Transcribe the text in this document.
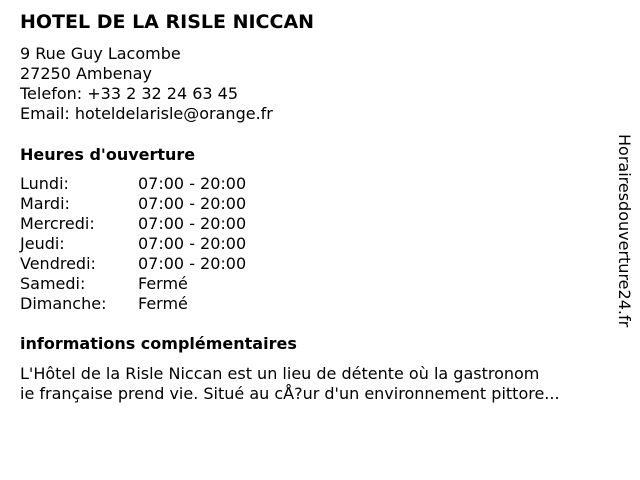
HOTEL DE LA RISLE NICCAN
9 Rue Guy Lacombe
27250 Ambenay
Telefon: +33 2 32 24 63 45
Email: hoteldelarisle@orange.fr
Heures d'ouverture
Lundi:	07:00 - 20:00
Mardi:	07:00 - 20:00
Mercredi:	07:00 - 20:00
Jeudi:	07:00 - 20:00
Vendredi:	07:00 - 20:00
Samedi:	Fermé
Dimanche: Fermé
informations complémentaires
L'Hôtel de la Risle Niccan est un lieu de détente où la gastronom
ie française prend vie. Situé au cÅ?ur d'un environnement pittore...
Horairesdouverture24.fr
